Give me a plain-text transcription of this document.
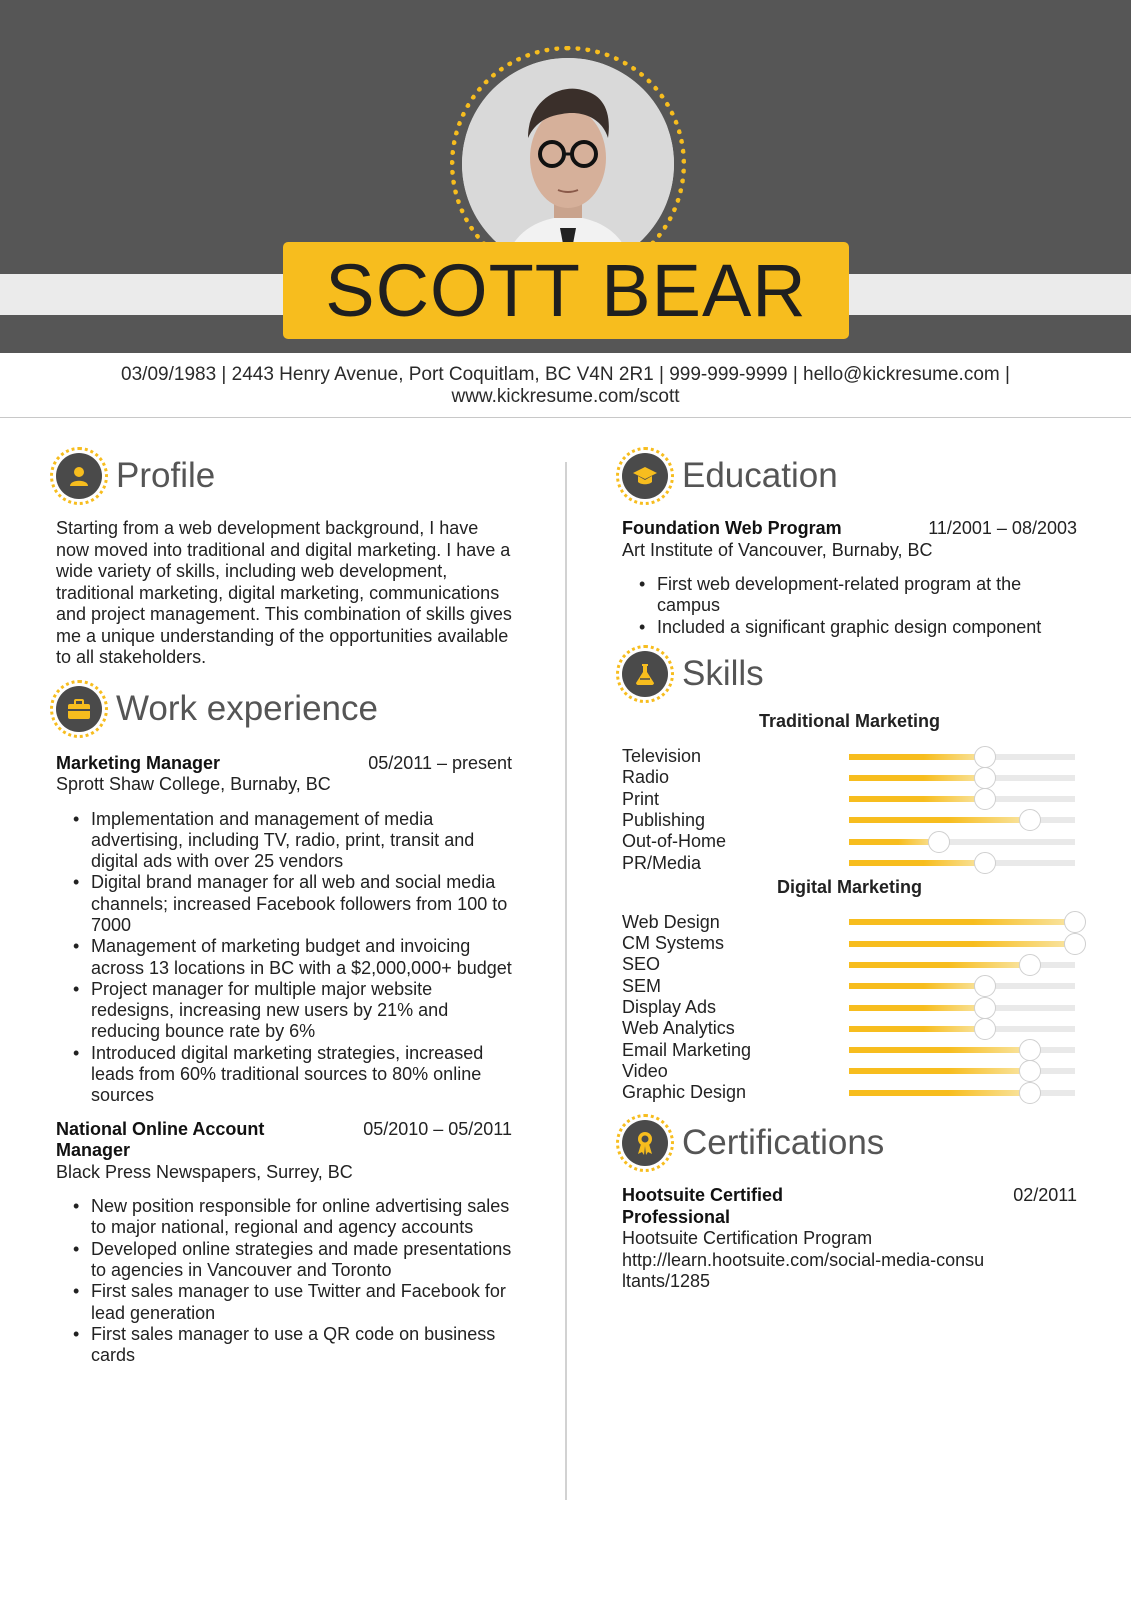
SCOTT BEAR
03/09/1983 | 2443 Henry Avenue, Port Coquitlam, BC V4N 2R1 | 999-999-9999 | hello@kickresume.com |
www.kickresume.com/scott
Profile

Starting from a web development background, I have now moved into traditional and digital marketing. I have a wide variety of skills, including web development, traditional marketing, digital marketing, communications and project management. This combination of skills gives me a unique understanding of the opportunities available to all stakeholders.

Work experience
Marketing Manager	05/2011 – present
Sprott Shaw College, Burnaby, BC
• Implementation and management of media advertising, including TV, radio, print, transit and digital ads with over 25 vendors
• Digital brand manager for all web and social media channels; increased Facebook followers from 100 to 7000
• Management of marketing budget and invoicing across 13 locations in BC with a $2,000,000+ budget
• Project manager for multiple major website redesigns, increasing new users by 21% and reducing bounce rate by 6%
• Introduced digital marketing strategies, increased leads from 60% traditional sources to 80% online sources
National Online Account Manager
05/2010 – 05/2011
Black Press Newspapers, Surrey, BC
• New position responsible for online advertising sales to major national, regional and agency accounts
• Developed online strategies and made presentations to agencies in Vancouver and Toronto
• First sales manager to use Twitter and Facebook for lead generation
• First sales manager to use a QR code on business cards
Education
Foundation Web Program	11/2001 – 08/2003
Art Institute of Vancouver, Burnaby, BC
• First web development-related program at the campus
• Included a significant graphic design component
Skills
Traditional Marketing
Television
Radio
Print
Publishing
Out-of-Home
PR/Media
Digital Marketing
Web Design
CM Systems
SEO
SEM
Display Ads
Web Analytics
Email Marketing
Video
Graphic Design
Certifications
Hootsuite Certified Professional
02/2011
Hootsuite Certification Program
http://learn.hootsuite.com/social-media-consultants/1285
